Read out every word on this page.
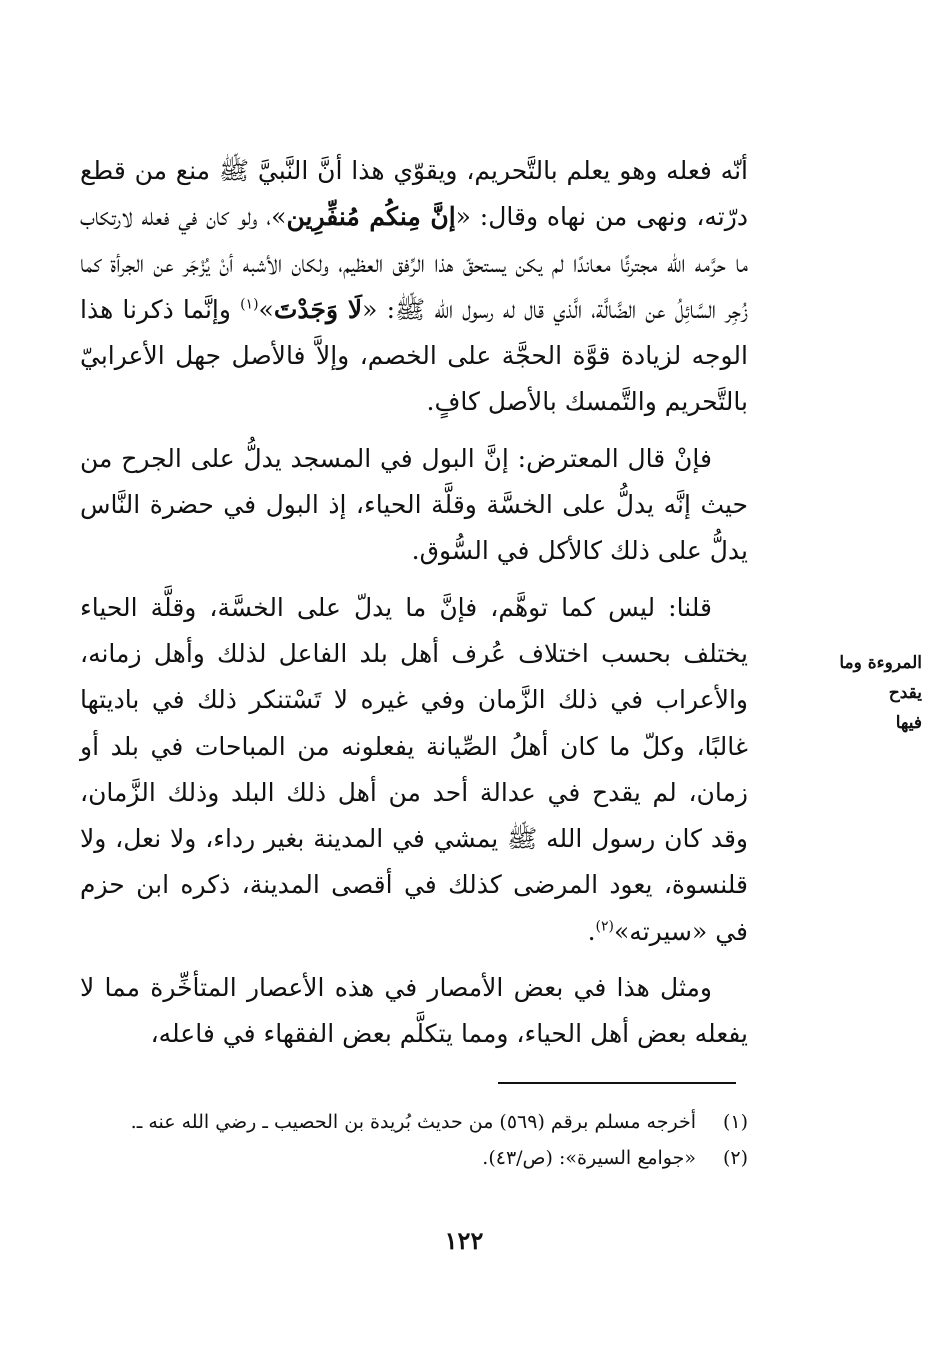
أنّه فعله وهو يعلم بالتَّحريم، ويقوّي هذا أنَّ النَّبيَّ ﷺ منع من قطع درّته، ونهى من نهاه وقال: «إنَّ مِنكُم مُنفِّرِين»، ولو كان في فعله لارتكاب ما حرَّمه الله مجترئًا معاندًا لم يكن يستحقّ هذا الرِّفق العظيم، ولكان الأشبه أنْ يُزْجَر عن الجرأة كما زُجِر السَّائِلُ عن الضَّالَّة، الَّذي قال له رسول الله ﷺ: «لَا وَجَدْتَ»$^{(١)}$ وإنَّما ذكرنا هذا الوجه لزيادة قوَّة الحجَّة على الخصم، وإلاَّ فالأصل جهل الأعرابيّ بالتَّحريم والتَّمسك بالأصل كافٍ.

فإنْ قال المعترض: إنَّ البول في المسجد يدلُّ على الجرح من حيث إنَّه يدلُّ على الخسَّة وقلَّة الحياء، إذ البول في حضرة النَّاس يدلُّ على ذلك كالأكل في السُّوق.

قلنا: ليس كما توهَّم، فإنَّ ما يدلّ على الخسَّة، وقلَّة الحياء يختلف بحسب اختلاف عُرف أهل بلد الفاعل لذلك وأهل زمانه، والأعراب في ذلك الزَّمان وفي غيره لا تَسْتنكر ذلك في باديتها غالبًا، وكلّ ما كان أهلُ الصِّيانة يفعلونه من المباحات في بلد أو زمان، لم يقدح في عدالة أحد من أهل ذلك البلد وذلك الزَّمان، وقد كان رسول الله ﷺ يمشي في المدينة بغير رداء، ولا نعل، ولا قلنسوة، يعود المرضى كذلك في أقصى المدينة، ذكره ابن حزم في «سيرته»$^{(٢)}$.

ومثل هذا في بعض الأمصار في هذه الأعصار المتأخِّرة مما لا يفعله بعض أهل الحياء، ومما يتكلَّم بعض الفقهاء في فاعله،

المروءة وما يقدح
فيها
(١)
أخرجه مسلم برقم (٥٦٩) من حديث بُريدة بن الحصيب ـ رضي الله عنه ـ.
(٢)
«جوامع السيرة»: (ص/٤٣).
١٢٢
